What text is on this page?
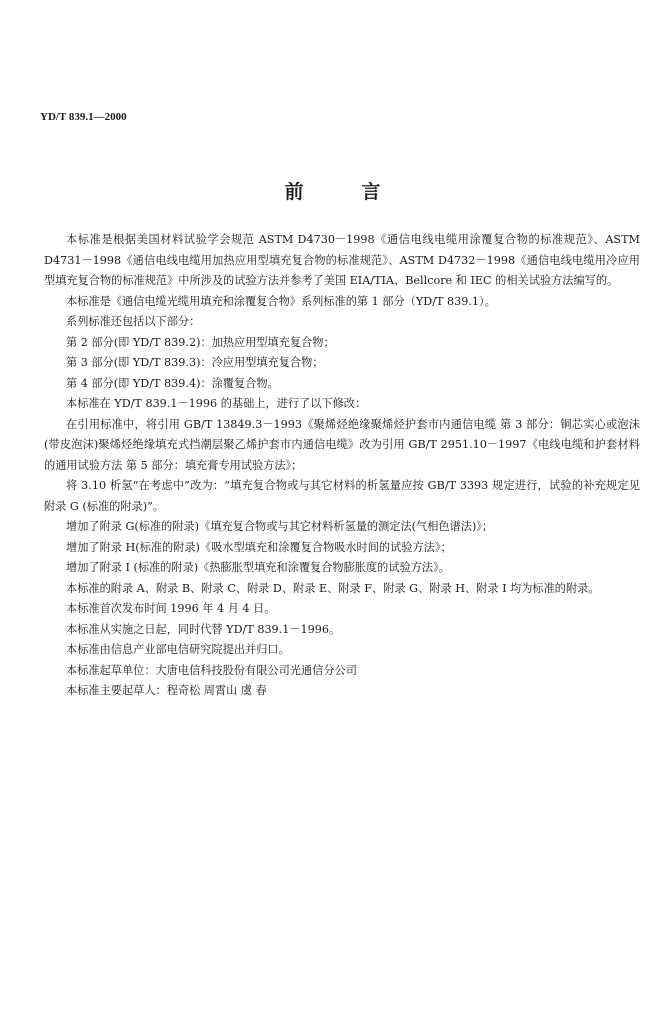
YD/T 839.1—2000
前言

本标准是根据美国材料试验学会规范 ASTM D4730－1998《通信电线电缆用涂覆复合物的标准规范》、ASTM D4731－1998《通信电线电缆用加热应用型填充复合物的标准规范》、ASTM D4732－1998《通信电线电缆用冷应用型填充复合物的标准规范》中所涉及的试验方法并参考了美国 EIA/TIA、Bellcore 和 IEC 的相关试验方法编写的。

本标准是《通信电缆光缆用填充和涂覆复合物》系列标准的第 1 部分（YD/T 839.1）。

系列标准还包括以下部分：

第 2 部分(即 YD/T 839.2)：加热应用型填充复合物；

第 3 部分(即 YD/T 839.3)：冷应用型填充复合物；

第 4 部分(即 YD/T 839.4)：涂覆复合物。

本标准在 YD/T 839.1－1996 的基础上，进行了以下修改：

在引用标准中，将引用 GB/T 13849.3－1993《聚烯烃绝缘聚烯烃护套市内通信电缆 第 3 部分：铜芯实心或泡沫(带皮泡沫)聚烯烃绝缘填充式挡潮层聚乙烯护套市内通信电缆》改为引用 GB/T 2951.10－1997《电线电缆和护套材料的通用试验方法 第 5 部分：填充膏专用试验方法》；

将 3.10 析氢“在考虑中”改为：“填充复合物或与其它材料的析氢量应按 GB/T 3393 规定进行，试验的补充规定见附录 G (标准的附录)”。

增加了附录 G(标准的附录)《填充复合物或与其它材料析氢量的测定法(气相色谱法)》；

增加了附录 H(标准的附录)《吸水型填充和涂覆复合物吸水时间的试验方法》；

增加了附录 I (标准的附录)《热膨胀型填充和涂覆复合物膨胀度的试验方法》。

本标准的附录 A、附录 B、附录 C、附录 D、附录 E、附录 F、附录 G、附录 H、附录 I 均为标准的附录。

本标准首次发布时间 1996 年 4 月 4 日。

本标准从实施之日起，同时代替 YD/T 839.1－1996。

本标准由信息产业部电信研究院提出并归口。

本标准起草单位：大唐电信科技股份有限公司光通信分公司

本标准主要起草人：程奇松 周霄山 虞 春
